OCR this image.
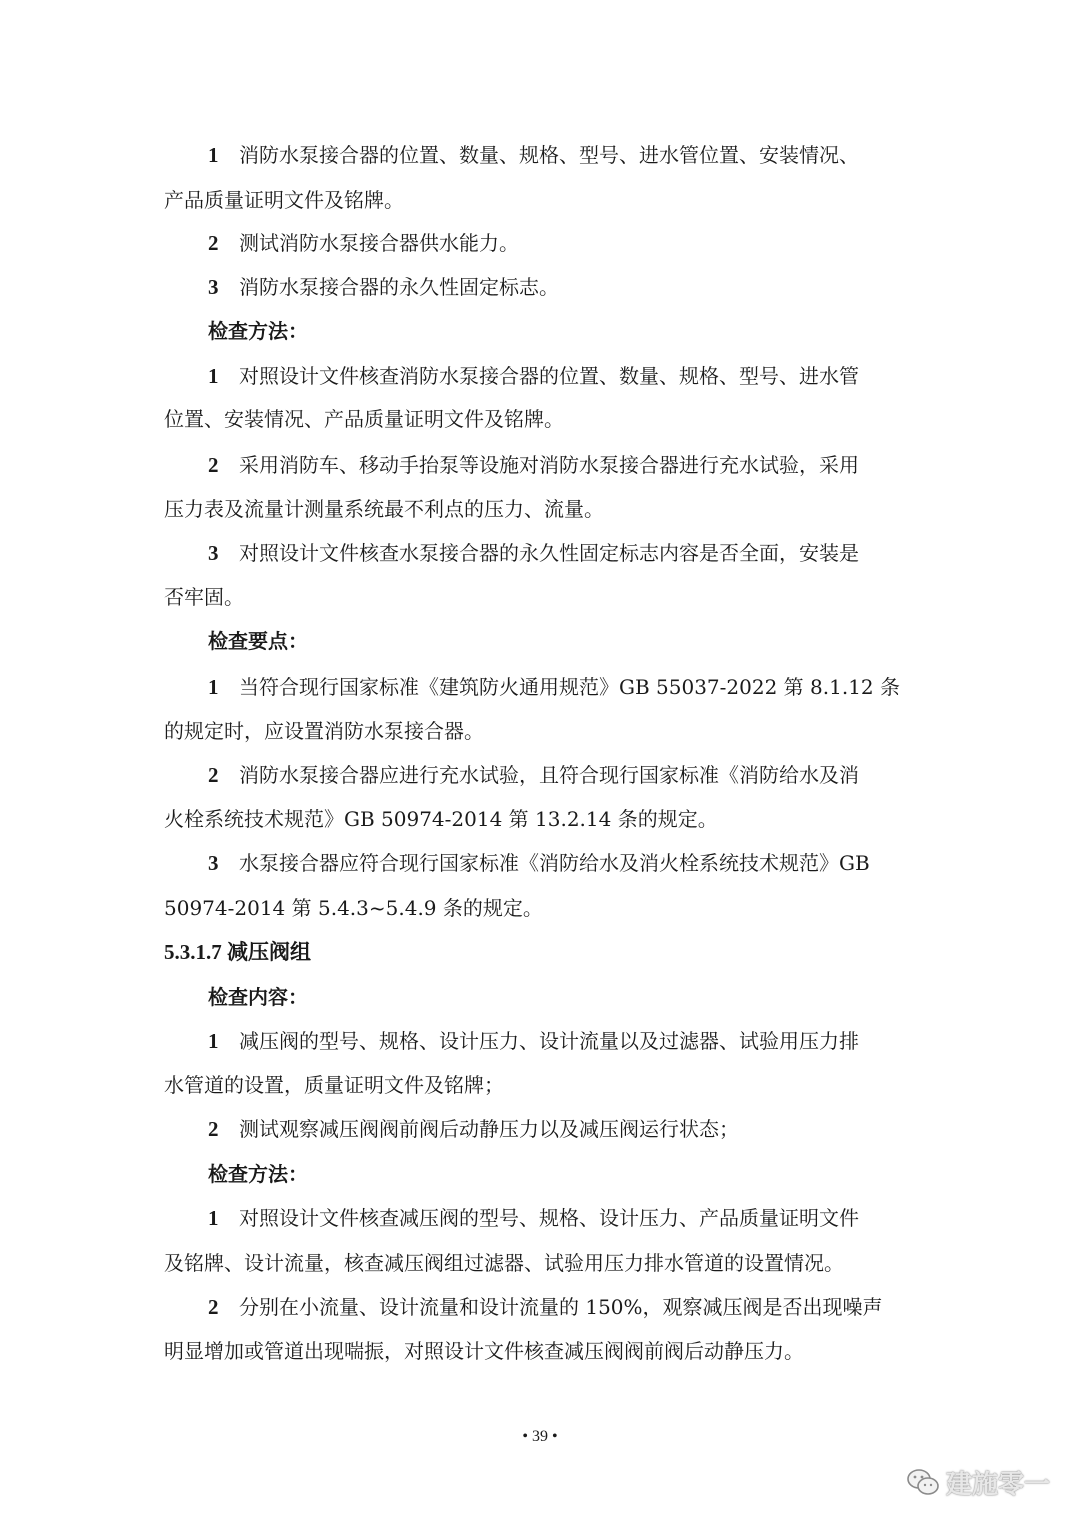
1 消防水泵接合器的位置、数量、规格、型号、进水管位置、安装情况、
产品质量证明文件及铭牌。
2 测试消防水泵接合器供水能力。
3 消防水泵接合器的永久性固定标志。
检查方法：
1 对照设计文件核查消防水泵接合器的位置、数量、规格、型号、进水管
位置、安装情况、产品质量证明文件及铭牌。
2 采用消防车、移动手抬泵等设施对消防水泵接合器进行充水试验，采用
压力表及流量计测量系统最不利点的压力、流量。
3 对照设计文件核查水泵接合器的永久性固定标志内容是否全面，安装是
否牢固。
检查要点：
1 当符合现行国家标准《建筑防火通用规范》GB 55037-2022 第 8.1.12 条
的规定时，应设置消防水泵接合器。
2 消防水泵接合器应进行充水试验，且符合现行国家标准《消防给水及消
火栓系统技术规范》GB 50974-2014 第 13.2.14 条的规定。
3 水泵接合器应符合现行国家标准《消防给水及消火栓系统技术规范》GB
50974-2014 第 5.4.3~5.4.9 条的规定。
5.3.1.7 减压阀组
检查内容：
1 减压阀的型号、规格、设计压力、设计流量以及过滤器、试验用压力排
水管道的设置，质量证明文件及铭牌；
2 测试观察减压阀阀前阀后动静压力以及减压阀运行状态；
检查方法：
1 对照设计文件核查减压阀的型号、规格、设计压力、产品质量证明文件
及铭牌、设计流量，核查减压阀组过滤器、试验用压力排水管道的设置情况。
2 分别在小流量、设计流量和设计流量的 150%，观察减压阀是否出现噪声
明显增加或管道出现喘振，对照设计文件核查减压阀阀前阀后动静压力。
• 39 •
建施零一
